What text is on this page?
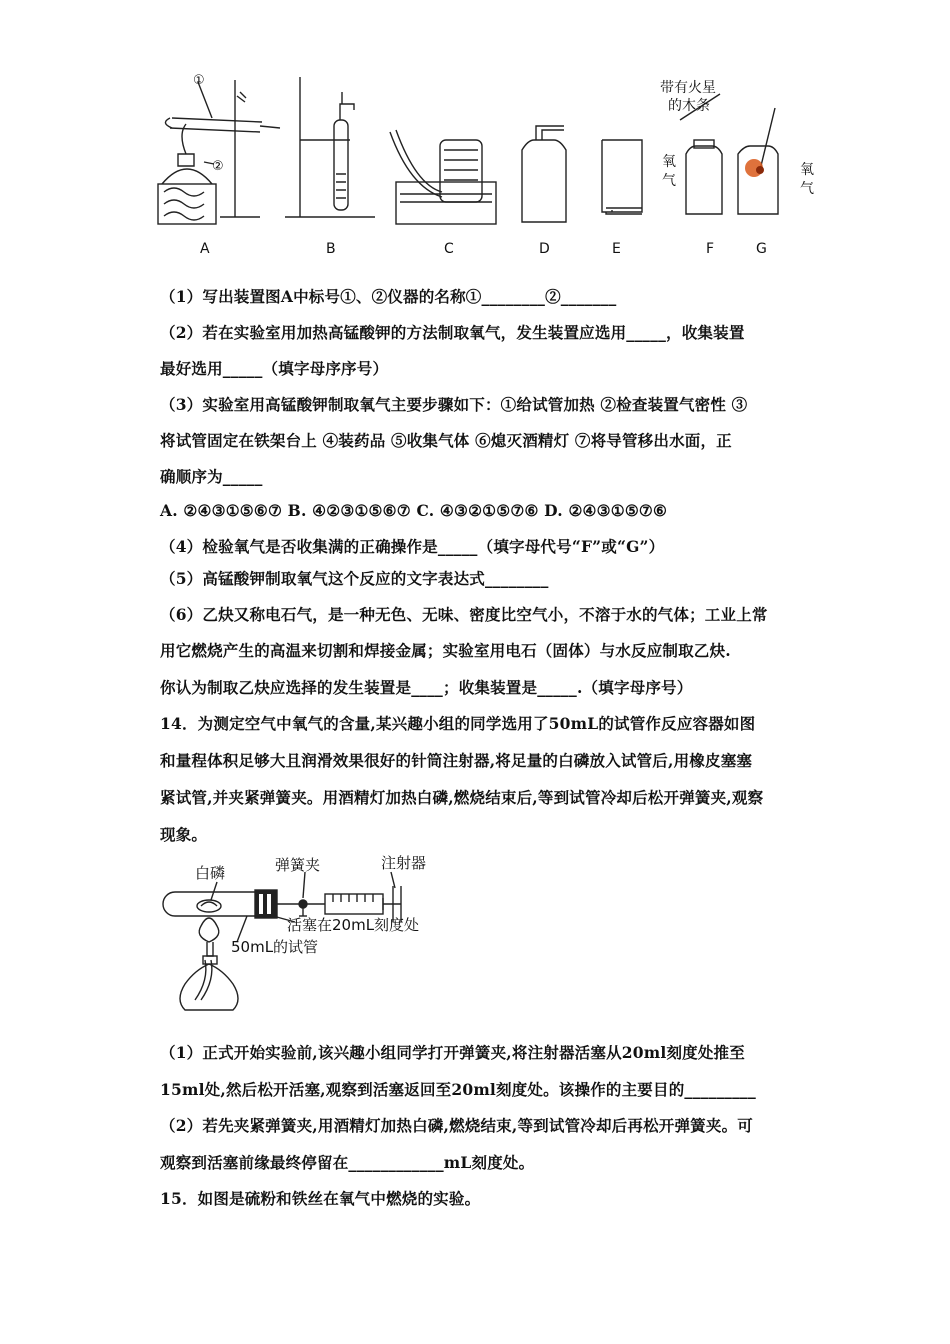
①
②
带有火星
的木条
氧
气
氧
气
A	B	C	D	E	F	G
（1）写出装置图A中标号①、②仪器的名称①________②_______
（2）若在实验室用加热高锰酸钾的方法制取氧气，发生装置应选用_____，收集装置
最好选用_____（填字母序序号）
（3）实验室用高锰酸钾制取氧气主要步骤如下：①给试管加热 ②检查装置气密性 ③
将试管固定在铁架台上 ④装药品 ⑤收集气体 ⑥熄灭酒精灯 ⑦将导管移出水面，正
确顺序为_____
A. ②④③①⑤⑥⑦ B. ④②③①⑤⑥⑦ C. ④③②①⑤⑦⑥ D. ②④③①⑤⑦⑥
（4）检验氧气是否收集满的正确操作是_____（填字母代号“F”或“G”）
（5）高锰酸钾制取氧气这个反应的文字表达式________
（6）乙炔又称电石气，是一种无色、无味、密度比空气小，不溶于水的气体；工业上常
用它燃烧产生的高温来切割和焊接金属；实验室用电石（固体）与水反应制取乙炔.
你认为制取乙炔应选择的发生装置是____；收集装置是_____.（填字母序号）
14．为测定空气中氧气的含量,某兴趣小组的同学选用了50mL的试管作反应容器如图
和量程体积足够大且润滑效果很好的针筒注射器,将足量的白磷放入试管后,用橡皮塞塞
紧试管,并夹紧弹簧夹。用酒精灯加热白磷,燃烧结束后,等到试管冷却后松开弹簧夹,观察
现象。
白磷	弹簧夹	注射器
活塞在20mL刻度处
50mL的试管
（1）正式开始实验前,该兴趣小组同学打开弹簧夹,将注射器活塞从20ml刻度处推至
15ml处,然后松开活塞,观察到活塞返回至20ml刻度处。该操作的主要目的_________
（2）若先夹紧弹簧夹,用酒精灯加热白磷,燃烧结束,等到试管冷却后再松开弹簧夹。可
观察到活塞前缘最终停留在____________mL刻度处。
15．如图是硫粉和铁丝在氧气中燃烧的实验。
